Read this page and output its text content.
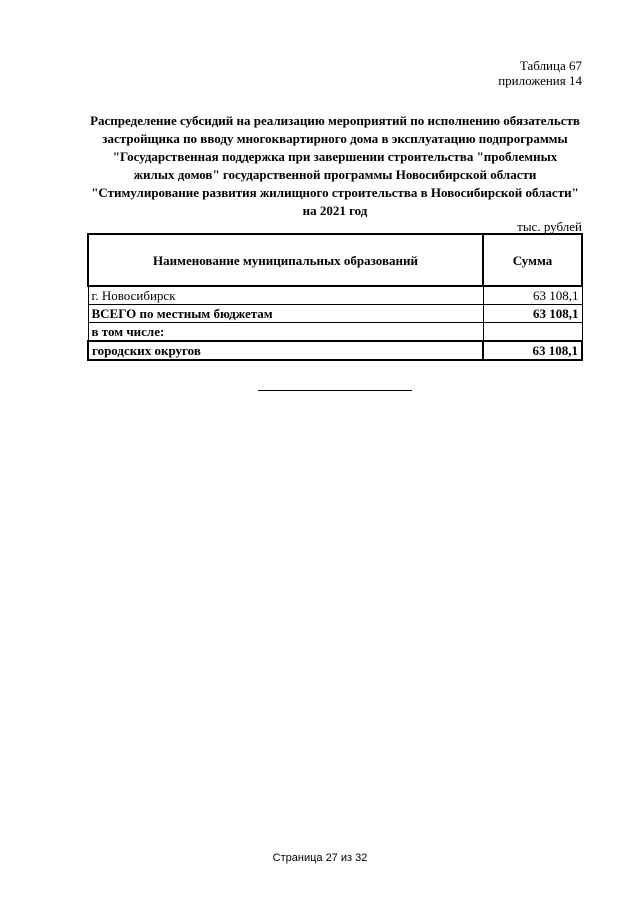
Таблица 67
приложения 14
Распределение субсидий на реализацию мероприятий по исполнению обязательств
застройщика по вводу многоквартирного дома в эксплуатацию подпрограммы
"Государственная поддержка при завершении строительства "проблемных
жилых домов" государственной программы Новосибирской области
"Стимулирование развития жилищного строительства в Новосибирской области"
на 2021 год
тыс. рублей
Наименование муниципальных образований	Сумма
г. Новосибирск	63 108,1
ВСЕГО по местным бюджетам	63 108,1
в том числе:	
городских округов	63 108,1
Страница 27 из 32
